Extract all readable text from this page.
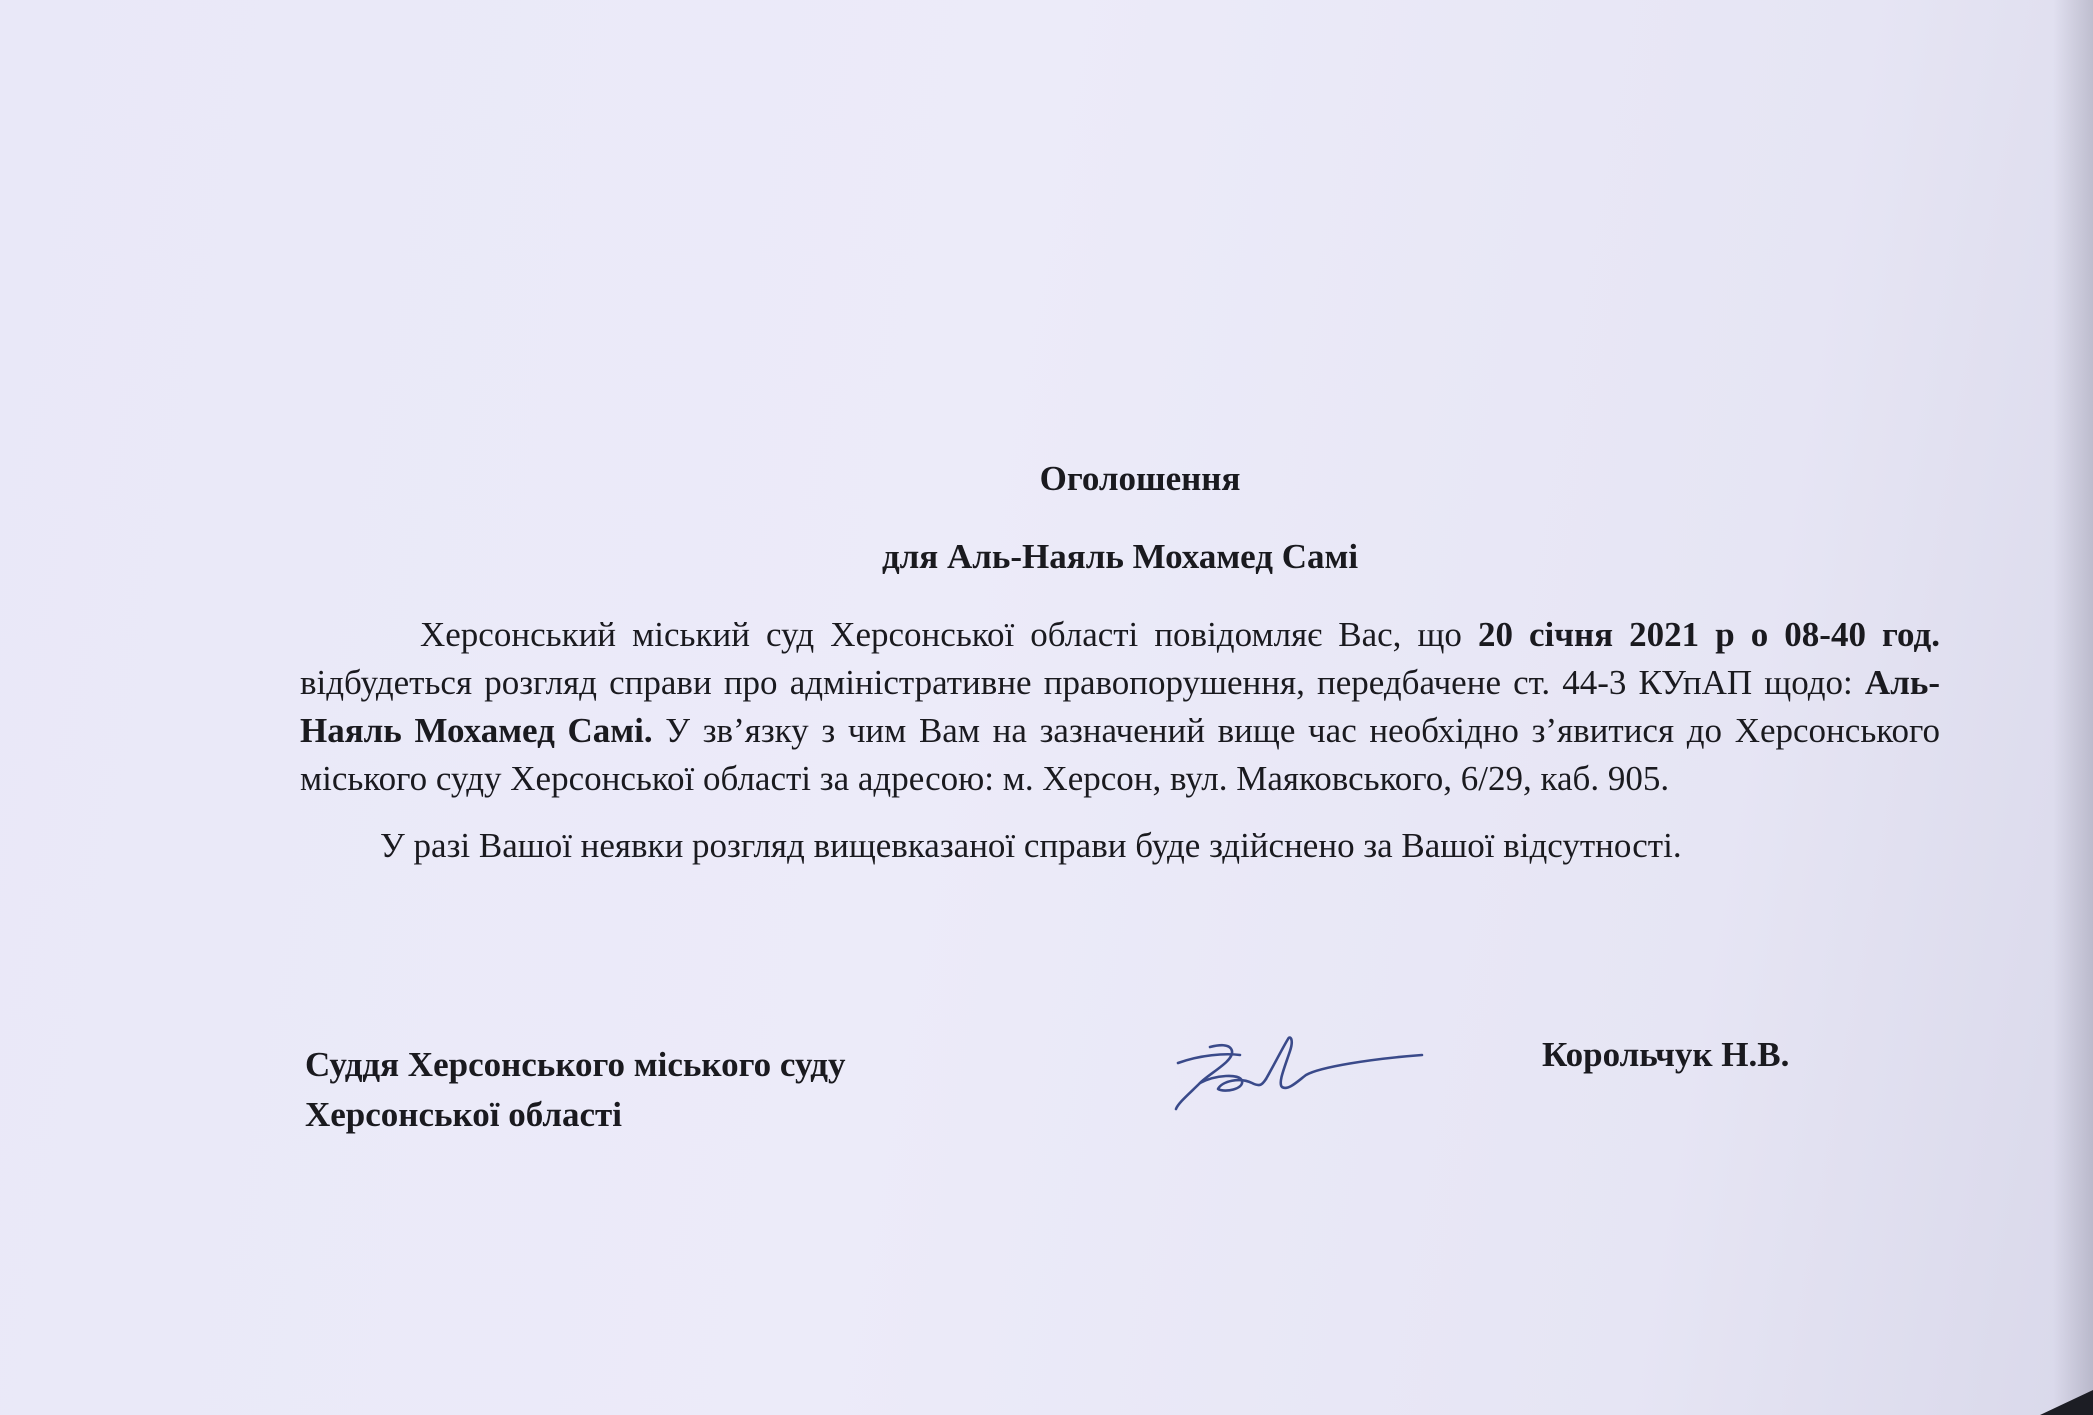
Оголошення

для Аль-Наяль Мохамед Самі

Херсонський міський суд Херсонської області повідомляє Вас, що 20 січня 2021 р о 08-40 год. відбудеться розгляд справи про адміністративне правопорушення, передбачене ст. 44-3 КУпАП щодо: Аль-Наяль Мохамед Самі. У зв’язку з чим Вам на зазначений вище час необхідно з’явитися до Херсонського міського суду Херсонської області за адресою: м. Херсон, вул. Маяковського, 6/29, каб. 905.

У разі Вашої неявки розгляд вищевказаної справи буде здійснено за Вашої відсутності.

Суддя Херсонського міського суду
Херсонської області
Корольчук Н.В.
